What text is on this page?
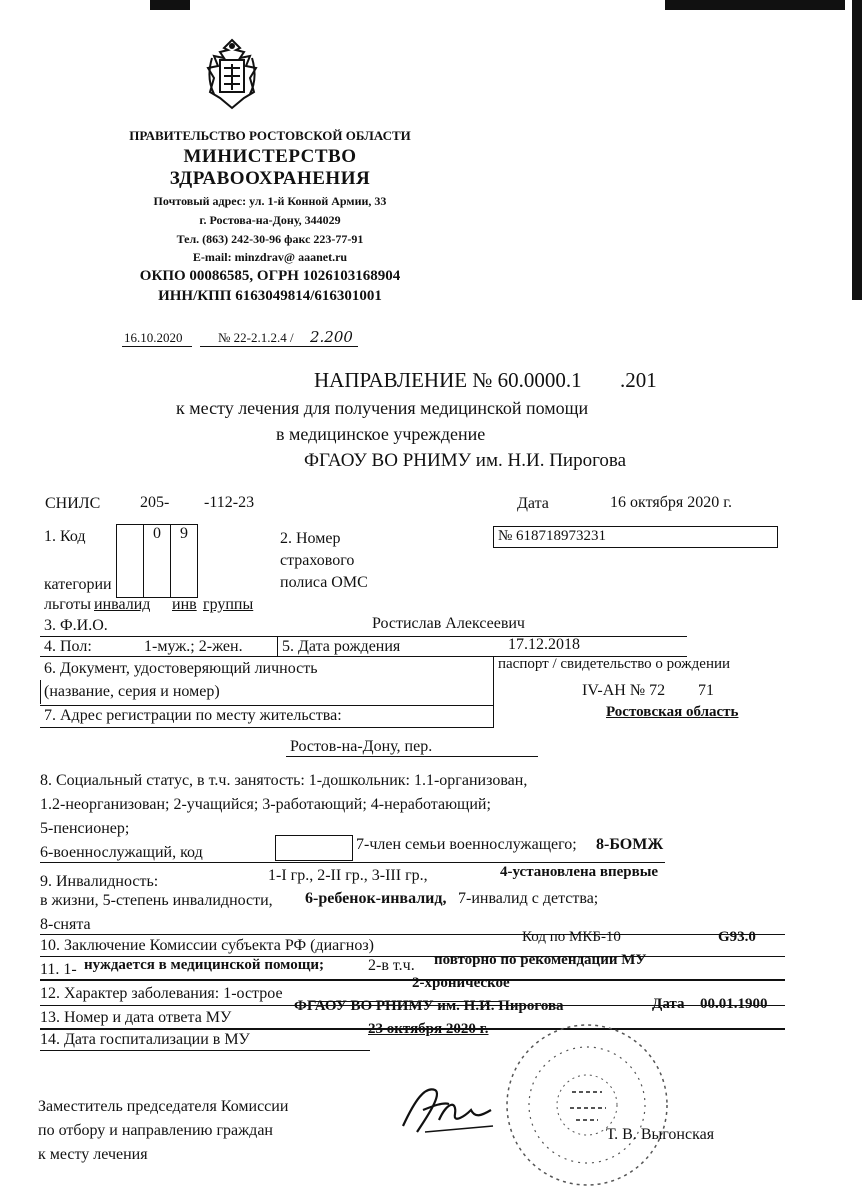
ПРАВИТЕЛЬСТВО РОСТОВСКОЙ ОБЛАСТИ
МИНИСТЕРСТВО
ЗДРАВООХРАНЕНИЯ
Почтовый адрес: ул. 1-й Конной Армии, 33
г. Ростова-на-Дону, 344029
Тел. (863) 242-30-96 факс 223-77-91
E-mail: minzdrav@ aaanet.ru
ОКПО 00086585, ОГРН 1026103168904
ИНН/КПП 6163049814/616301001
16.10.2020	№ 22-2.1.2.4 / 2.200
НАПРАВЛЕНИЕ № 60.0000.1 .201
к месту лечения для получения медицинской помощи
в медицинское учреждение
ФГАОУ ВО РНИМУ им. Н.И. Пирогова
СНИЛС 205- -112-23	Дата	16 октября 2020 г.
1. Код	0	9
категории
льготы инвалид инв группы
2. Номер
страхового
полиса ОМС
№ 618718973231
3. Ф.И.О.	Ростислав Алексеевич
4. Пол:	1-муж.; 2-жен. 5. Дата рождения	17.12.2018
6. Документ, удостоверяющий личность
(название, серия и номер)
паспорт / свидетельство о рождении
IV-АН № 72 71
7. Адрес регистрации по месту жительства:	Ростовская область
Ростов-на-Дону, пер.
8. Социальный статус, в т.ч. занятость: 1-дошкольник: 1.1-организован,
1.2-неорганизован; 2-учащийся; 3-работающий; 4-неработающий;
5-пенсионер;
6-военнослужащий, код	7-член семьи военнослужащего; 8-БОМЖ
9. Инвалидность:	1-I гр., 2-II гр., 3-III гр.,	4-установлена впервые
в жизни, 5-степень инвалидности, 6-ребенок-инвалид, 7-инвалид с детства;
8-снята
10. Заключение Комиссии субъекта РФ (диагноз)	Код по МКБ-10	G93.0
11. 1- нуждается в медицинской помощи;	2-в т.ч. повторно по рекомендации МУ
12. Характер заболевания: 1-острое
2-хроническое
13. Номер и дата ответа МУ
ФГАОУ ВО РНИМУ им. Н.И. Пирогова	Дата 00.01.1900
14. Дата госпитализации в МУ
23 октября 2020 г.
Заместитель председателя Комиссии
по отбору и направлению граждан
к месту лечения
Т. В. Выгонская
